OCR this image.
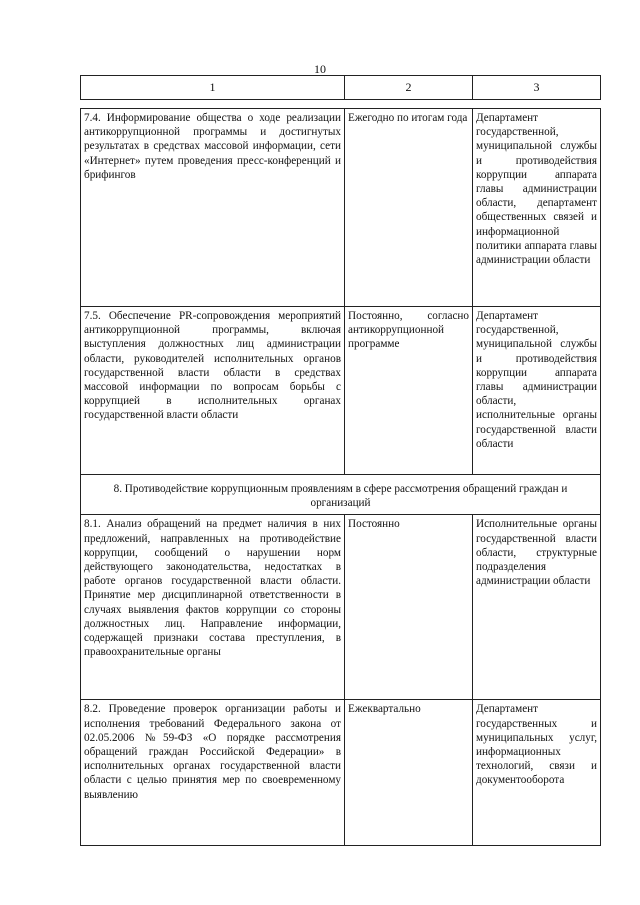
10
1	2	3
7.4. Информирование общества о ходе реализации антикоррупционной программы и достигнутых результатах в средствах массовой информации, сети «Интернет» путем проведения пресс-конференций и брифингов	Ежегодно по итогам года	Департамент государственной, муниципальной службы и противодействия коррупции аппарата главы администрации области, департамент общественных связей и информационной политики аппарата главы администрации области
7.5. Обеспечение PR-сопровождения мероприятий антикоррупционной программы, включая выступления должностных лиц администрации области, руководителей исполнительных органов государственной власти области в средствах массовой информации по вопросам борьбы с коррупцией в исполнительных органах государственной власти области	Постоянно, согласно антикоррупционной программе	Департамент государственной, муниципальной службы и противодействия коррупции аппарата главы администрации области, исполнительные органы государственной власти области
8. Противодействие коррупционным проявлениям в сфере рассмотрения обращений граждан и организаций		
8.1. Анализ обращений на предмет наличия в них предложений, направленных на противодействие коррупции, сообщений о нарушении норм действующего законодательства, недостатках в работе органов государственной власти области. Принятие мер дисциплинарной ответственности в случаях выявления фактов коррупции со стороны должностных лиц. Направление информации, содержащей признаки состава преступления, в правоохранительные органы	Постоянно	Исполнительные органы государственной власти области, структурные подразделения администрации области
8.2. Проведение проверок организации работы и исполнения требований Федерального закона от 02.05.2006 №59-ФЗ «О порядке рассмотрения обращений граждан Российской Федерации» в исполнительных органах государственной власти области с целью принятия мер по своевременному выявлению	Ежеквартально	Департамент государственных и муниципальных услуг, информационных технологий, связи и документооборота
